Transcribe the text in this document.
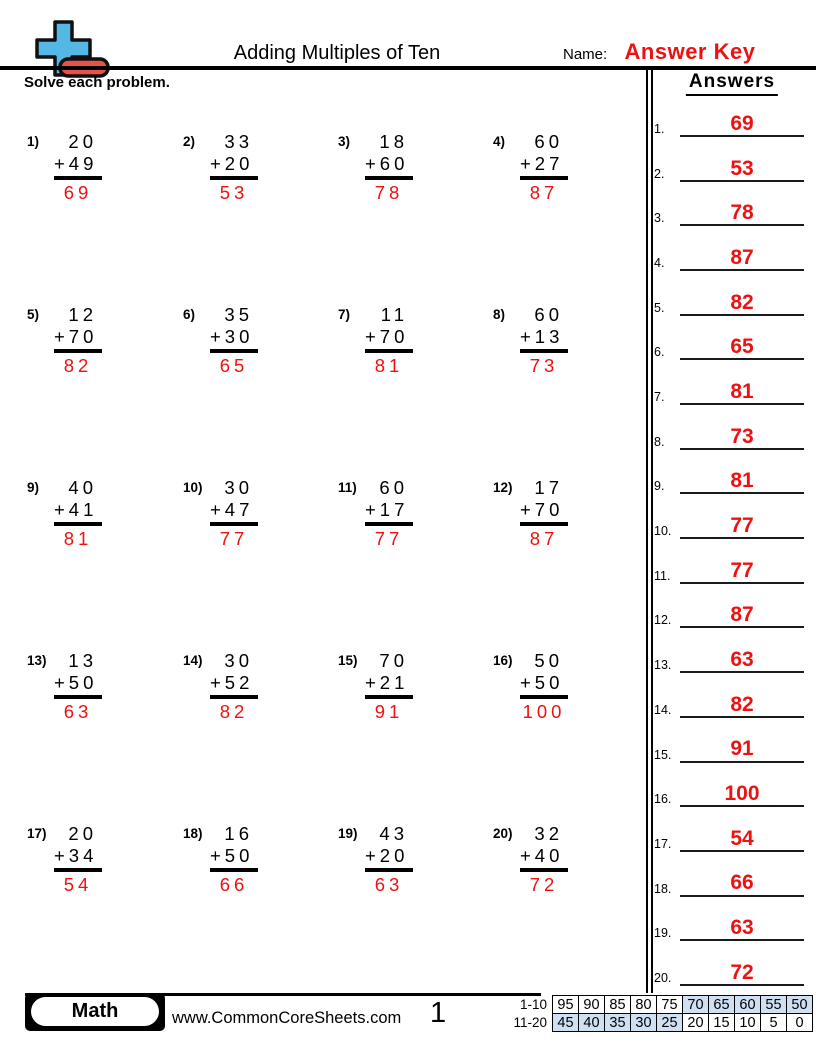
Adding Multiples of Ten	Name: Answer Key
Solve each problem.
1)	20
+49
69
2)	33
+20
53
3)	18
+60
78
4)	60
+27
87
5)	12
+70
82
6)	35
+30
65
7)	11
+70
81
8)	60
+13
73
9)	40
+41
81
10)	30
+47
77
11)	60
+17
77
12)	17
+70
87
13)	13
+50
63
14)	30
+52
82
15)	70
+21
91
16)	50
+50
100
17)	20
+34
54
18)	16
+50
66
19)	43
+20
63
20)	32
+40
72
Answers
1.	69
2.	53
3.	78
4.	87
5.	82
6.	65
7.	81
8.	73
9.	81
10.	77
11.	77
12.	87
13.	63
14.	82
15.	91
16.	100
17.	54
18.	66
19.	63
20.	72
Math	www.CommonCoreSheets.com 1	1-10	95	90	85	80	75	70	65	60	55	50
11-20	45	40	35	30	25	20	15	10	5	0
